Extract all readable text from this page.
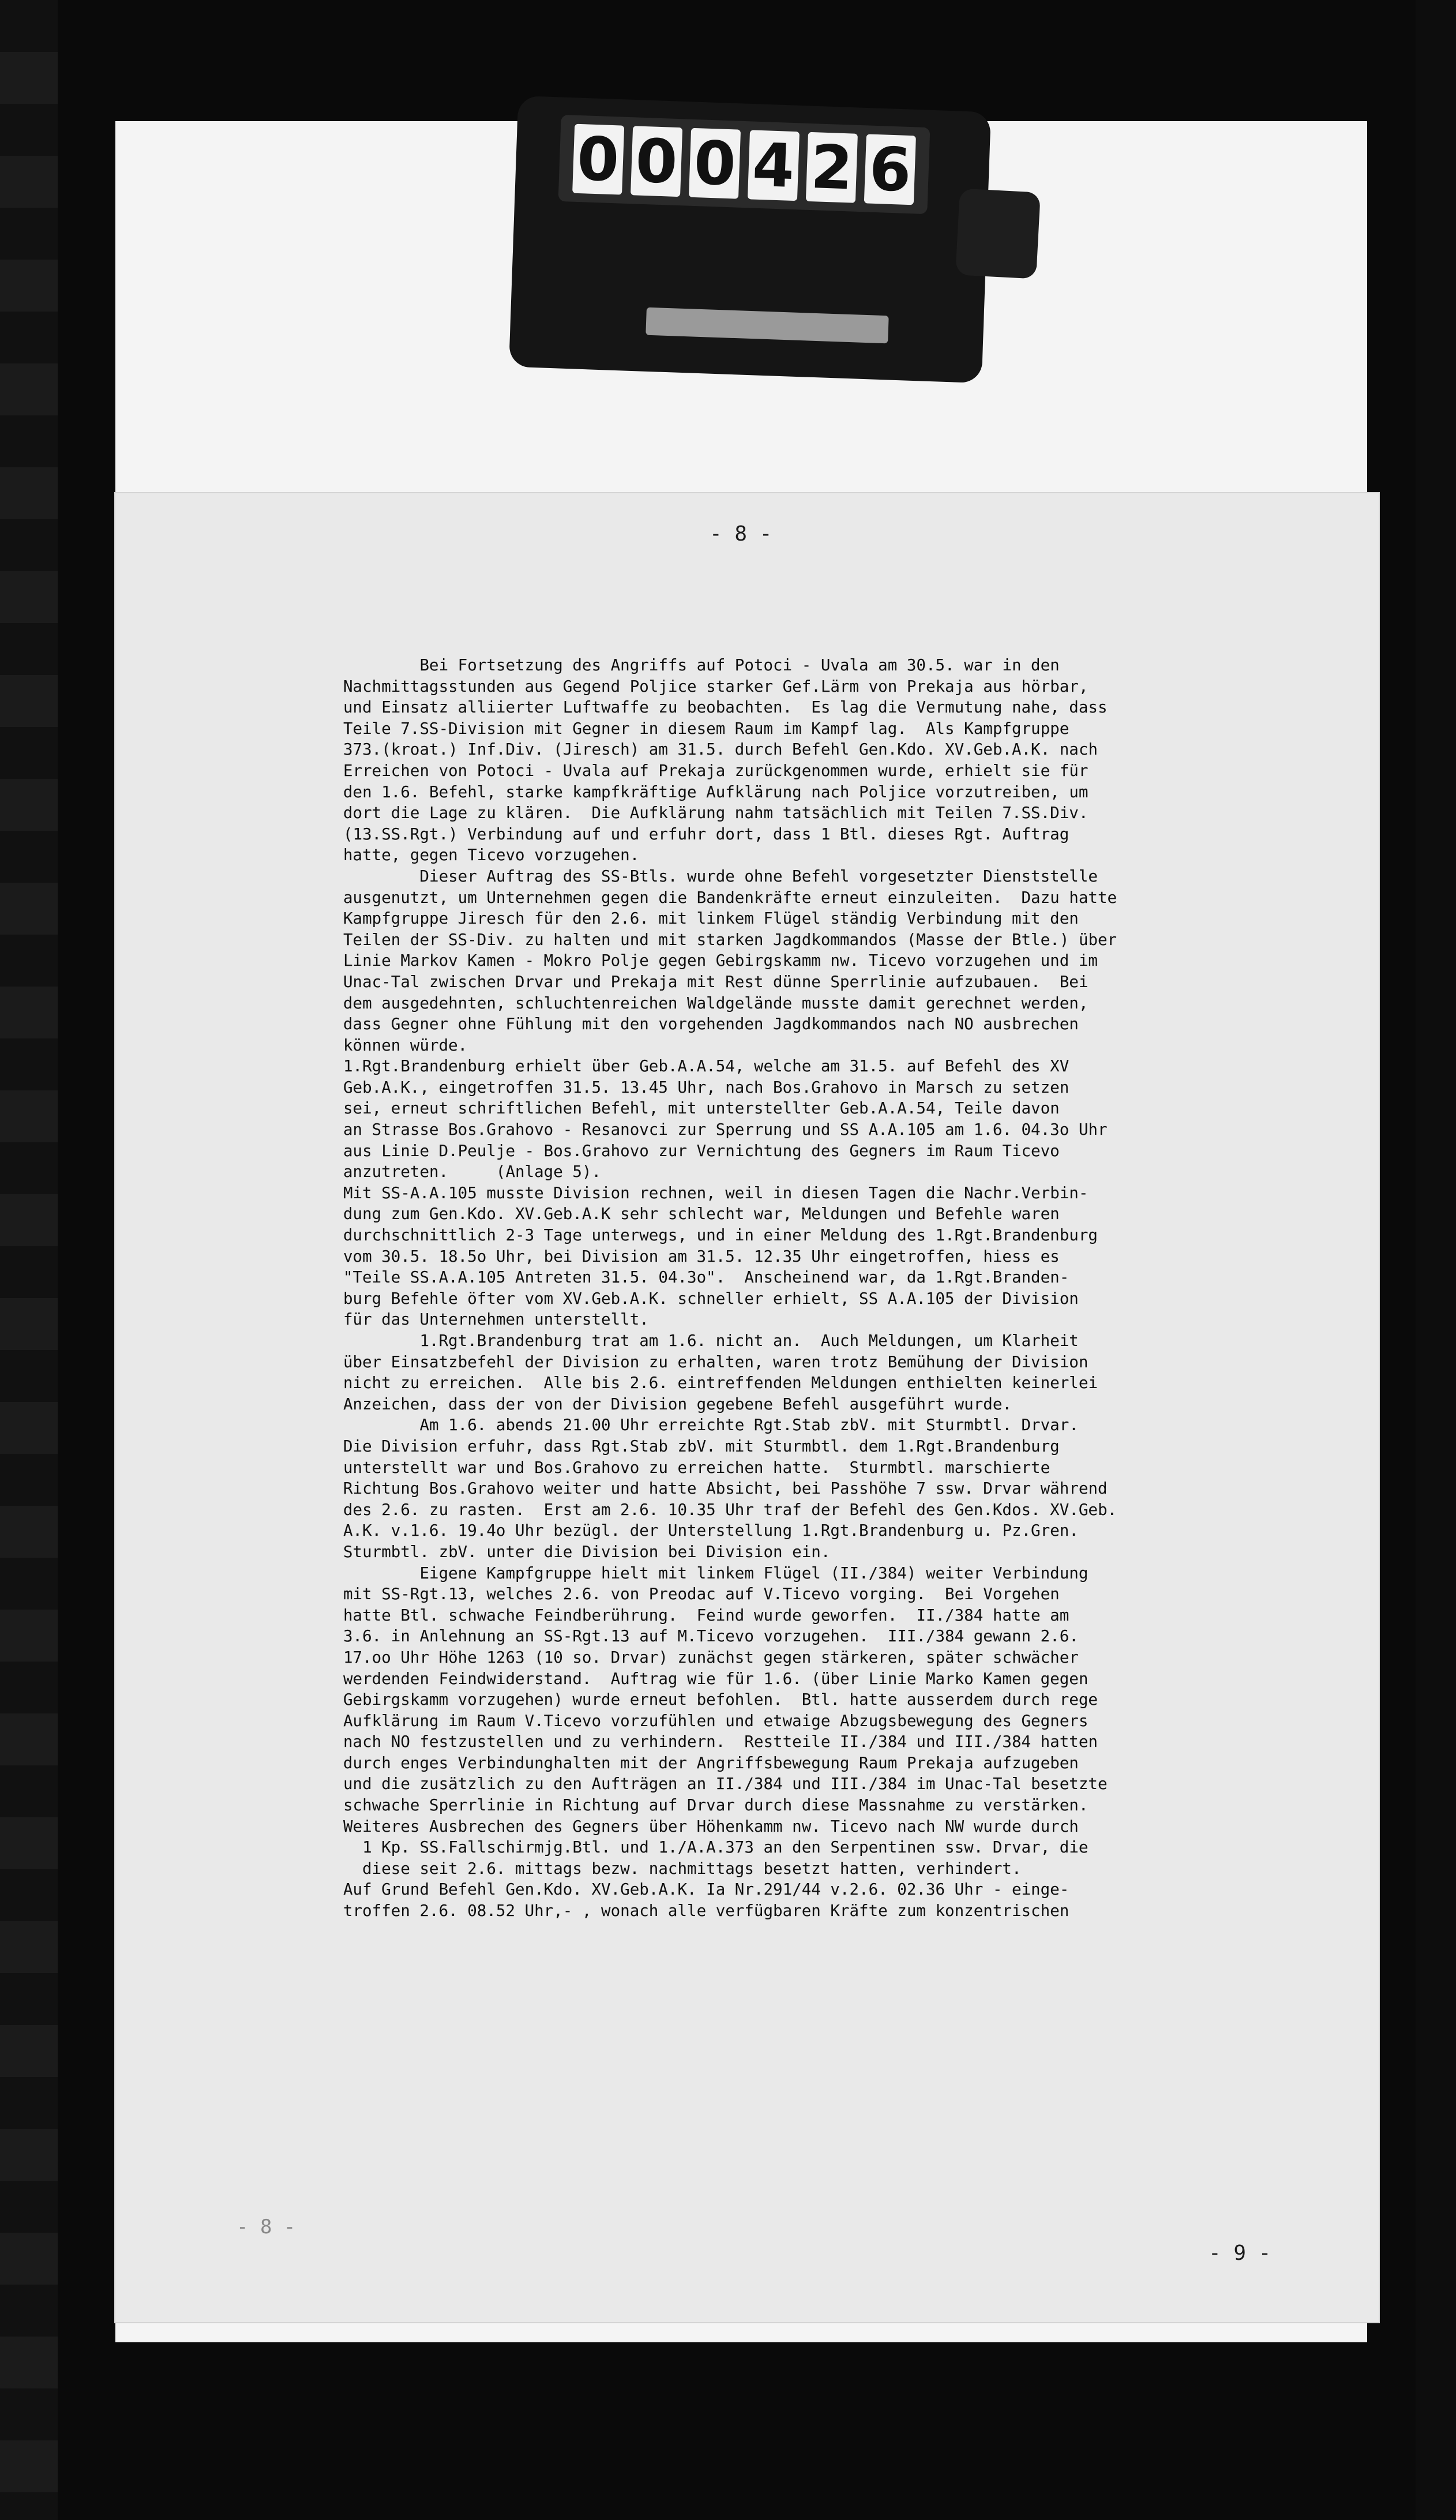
0 0 0 4 2 6
- 8 -
Bei Fortsetzung des Angriffs auf Potoci - Uvala am 30.5. war in den
Nachmittagsstunden aus Gegend Poljice starker Gef.Lärm von Prekaja aus hörbar,
und Einsatz alliierter Luftwaffe zu beobachten.  Es lag die Vermutung nahe, dass
Teile 7.SS-Division mit Gegner in diesem Raum im Kampf lag.  Als Kampfgruppe
373.(kroat.) Inf.Div. (Jiresch) am 31.5. durch Befehl Gen.Kdo. XV.Geb.A.K. nach
Erreichen von Potoci - Uvala auf Prekaja zurückgenommen wurde, erhielt sie für
den 1.6. Befehl, starke kampfkräftige Aufklärung nach Poljice vorzutreiben, um
dort die Lage zu klären.  Die Aufklärung nahm tatsächlich mit Teilen 7.SS.Div.
(13.SS.Rgt.) Verbindung auf und erfuhr dort, dass 1 Btl. dieses Rgt. Auftrag
hatte, gegen Ticevo vorzugehen.
Dieser Auftrag des SS-Btls. wurde ohne Befehl vorgesetzter Dienststelle
ausgenutzt, um Unternehmen gegen die Bandenkräfte erneut einzuleiten.  Dazu hatte
Kampfgruppe Jiresch für den 2.6. mit linkem Flügel ständig Verbindung mit den
Teilen der SS-Div. zu halten und mit starken Jagdkommandos (Masse der Btle.) über
Linie Markov Kamen - Mokro Polje gegen Gebirgskamm nw. Ticevo vorzugehen und im
Unac-Tal zwischen Drvar und Prekaja mit Rest dünne Sperrlinie aufzubauen.  Bei
dem ausgedehnten, schluchtenreichen Waldgelände musste damit gerechnet werden,
dass Gegner ohne Fühlung mit den vorgehenden Jagdkommandos nach NO ausbrechen
können würde.
1.Rgt.Brandenburg erhielt über Geb.A.A.54, welche am 31.5. auf Befehl des XV
Geb.A.K., eingetroffen 31.5. 13.45 Uhr, nach Bos.Grahovo in Marsch zu setzen
sei, erneut schriftlichen Befehl, mit unterstellter Geb.A.A.54, Teile davon
an Strasse Bos.Grahovo - Resanovci zur Sperrung und SS A.A.105 am 1.6. 04.3o Uhr
aus Linie D.Peulje - Bos.Grahovo zur Vernichtung des Gegners im Raum Ticevo
anzutreten.     (Anlage 5).
Mit SS-A.A.105 musste Division rechnen, weil in diesen Tagen die Nachr.Verbin-
dung zum Gen.Kdo. XV.Geb.A.K sehr schlecht war, Meldungen und Befehle waren
durchschnittlich 2-3 Tage unterwegs, und in einer Meldung des 1.Rgt.Brandenburg
vom 30.5. 18.5o Uhr, bei Division am 31.5. 12.35 Uhr eingetroffen, hiess es
"Teile SS.A.A.105 Antreten 31.5. 04.3o".  Anscheinend war, da 1.Rgt.Branden-
burg Befehle öfter vom XV.Geb.A.K. schneller erhielt, SS A.A.105 der Division
für das Unternehmen unterstellt.
1.Rgt.Brandenburg trat am 1.6. nicht an.  Auch Meldungen, um Klarheit
über Einsatzbefehl der Division zu erhalten, waren trotz Bemühung der Division
nicht zu erreichen.  Alle bis 2.6. eintreffenden Meldungen enthielten keinerlei
Anzeichen, dass der von der Division gegebene Befehl ausgeführt wurde.
Am 1.6. abends 21.00 Uhr erreichte Rgt.Stab zbV. mit Sturmbtl. Drvar.
Die Division erfuhr, dass Rgt.Stab zbV. mit Sturmbtl. dem 1.Rgt.Brandenburg
unterstellt war und Bos.Grahovo zu erreichen hatte.  Sturmbtl. marschierte
Richtung Bos.Grahovo weiter und hatte Absicht, bei Passhöhe 7 ssw. Drvar während
des 2.6. zu rasten.  Erst am 2.6. 10.35 Uhr traf der Befehl des Gen.Kdos. XV.Geb.
A.K. v.1.6. 19.4o Uhr bezügl. der Unterstellung 1.Rgt.Brandenburg u. Pz.Gren.
Sturmbtl. zbV. unter die Division bei Division ein.
Eigene Kampfgruppe hielt mit linkem Flügel (II./384) weiter Verbindung
mit SS-Rgt.13, welches 2.6. von Preodac auf V.Ticevo vorging.  Bei Vorgehen
hatte Btl. schwache Feindberührung.  Feind wurde geworfen.  II./384 hatte am
3.6. in Anlehnung an SS-Rgt.13 auf M.Ticevo vorzugehen.  III./384 gewann 2.6.
17.oo Uhr Höhe 1263 (10 so. Drvar) zunächst gegen stärkeren, später schwächer
werdenden Feindwiderstand.  Auftrag wie für 1.6. (über Linie Marko Kamen gegen
Gebirgskamm vorzugehen) wurde erneut befohlen.  Btl. hatte ausserdem durch rege
Aufklärung im Raum V.Ticevo vorzufühlen und etwaige Abzugsbewegung des Gegners
nach NO festzustellen und zu verhindern.  Restteile II./384 und III./384 hatten
durch enges Verbindunghalten mit der Angriffsbewegung Raum Prekaja aufzugeben
und die zusätzlich zu den Aufträgen an II./384 und III./384 im Unac-Tal besetzte
schwache Sperrlinie in Richtung auf Drvar durch diese Massnahme zu verstärken.
Weiteres Ausbrechen des Gegners über Höhenkamm nw. Ticevo nach NW wurde durch
1 Kp. SS.Fallschirmjg.Btl. und 1./A.A.373 an den Serpentinen ssw. Drvar, die
diese seit 2.6. mittags bezw. nachmittags besetzt hatten, verhindert.
Auf Grund Befehl Gen.Kdo. XV.Geb.A.K. Ia Nr.291/44 v.2.6. 02.36 Uhr - einge-
troffen 2.6. 08.52 Uhr,- , wonach alle verfügbaren Kräfte zum konzentrischen
- 8 -
- 9 -
